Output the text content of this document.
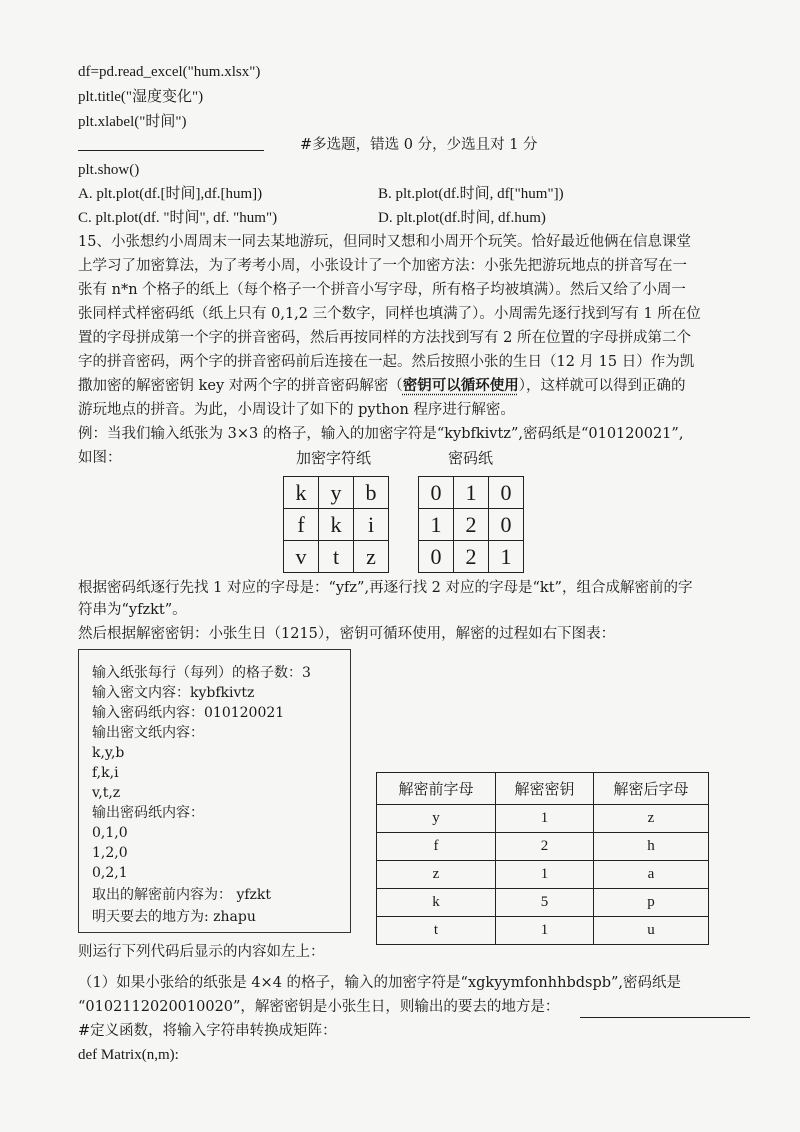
df=pd.read_excel("hum.xlsx")
plt.title("湿度变化")
plt.xlabel("时间")
#多选题，错选 0 分，少选且对 1 分
plt.show()
A. plt.plot(df.[时间],df.[hum])	B. plt.plot(df.时间, df["hum"])
C. plt.plot(df. "时间", df. "hum")	D. plt.plot(df.时间, df.hum)
15、小张想约小周周末一同去某地游玩，但同时又想和小周开个玩笑。恰好最近他俩在信息课堂
上学习了加密算法，为了考考小周，小张设计了一个加密方法：小张先把游玩地点的拼音写在一
张有 n*n 个格子的纸上（每个格子一个拼音小写字母，所有格子均被填满）。然后又给了小周一
张同样式样密码纸（纸上只有 0,1,2 三个数字，同样也填满了）。小周需先逐行找到写有 1 所在位
置的字母拼成第一个字的拼音密码，然后再按同样的方法找到写有 2 所在位置的字母拼成第二个
字的拼音密码，两个字的拼音密码前后连接在一起。然后按照小张的生日（12 月 15 日）作为凯
撒加密的解密密钥 key 对两个字的拼音密码解密（密钥可以循环使用），这样就可以得到正确的
游玩地点的拼音。为此，小周设计了如下的 python 程序进行解密。
例：当我们输入纸张为 3×3 的格子，输入的加密字符是“kybfkivtz”,密码纸是“010120021”,
如图：	加密字符纸	密码纸
k	y	b
f	k	i
v	t	z
0	1	0
1	2	0
0	2	1
根据密码纸逐行先找 1 对应的字母是：“yfz”,再逐行找 2 对应的字母是“kt”，组合成解密前的字
符串为“yfzkt”。
然后根据解密密钥：小张生日（1215），密钥可循环使用，解密的过程如右下图表：
输入纸张每行（每列）的格子数：3
输入密文内容：kybfkivtz
输入密码纸内容：010120021
输出密文纸内容：
k,y,b
f,k,i
v,t,z
输出密码纸内容：
0,1,0
1,2,0
0,2,1
取出的解密前内容为： yfzkt
明天要去的地方为: zhapu
解密前字母	解密密钥	解密后字母
y	1	z
f	2	h
z	1	a
k	5	p
t	1	u
则运行下列代码后显示的内容如左上：
（1）如果小张给的纸张是 4×4 的格子，输入的加密字符是“xgkyymfonhhbdspb”,密码纸是
“0102112020010020”，解密密钥是小张生日，则输出的要去的地方是：
#定义函数，将输入字符串转换成矩阵：
def Matrix(n,m):
